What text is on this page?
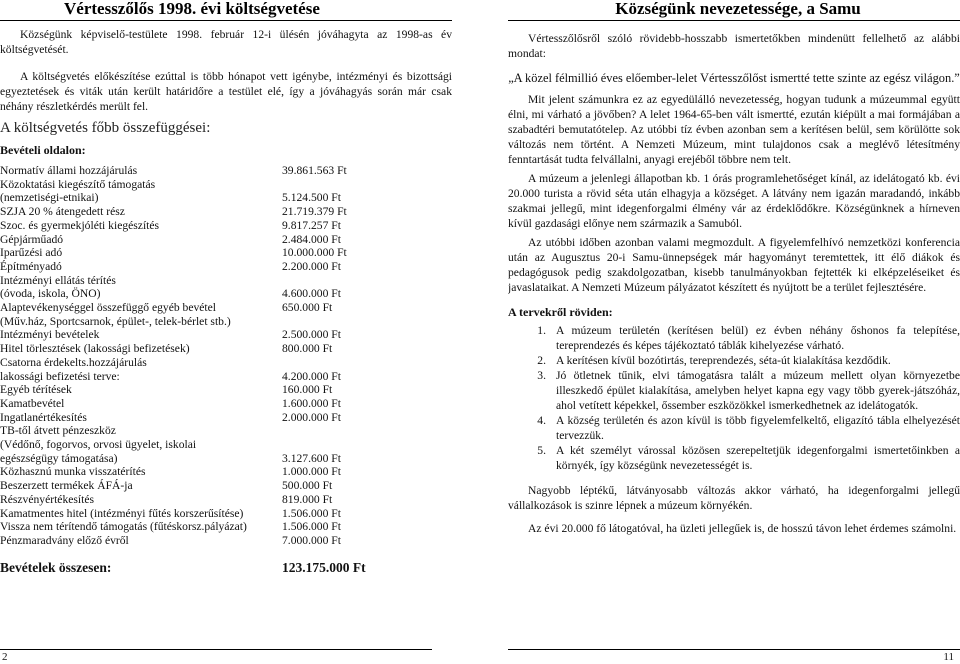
Vértesszőlős 1998. évi költségvetése

Községünk képviselő-testülete 1998. február 12-i ülésén jóváhagyta az 1998-as év költségvetését.

A költségvetés előkészítése ezúttal is több hónapot vett igénybe, intézményi és bizottsági egyeztetések és viták után került határidőre a testület elé, így a jóváhagyás során már csak néhány részletkérdés merült fel.

A költségvetés főbb összefüggései:
Bevételi oldalon:
Normatív állami hozzájárulás	39.861.563 Ft
Közoktatási kiegészítő támogatás
(nemzetiségi-etnikai)	5.124.500 Ft
SZJA 20 % átengedett rész	21.719.379 Ft
Szoc. és gyermekjóléti kiegészítés	9.817.257 Ft
Gépjárműadó	2.484.000 Ft
Iparűzési adó	10.000.000 Ft
Építményadó	2.200.000 Ft
Intézményi ellátás térítés
(óvoda, iskola, ÖNO)	4.600.000 Ft
Alaptevékenységgel összefüggő egyéb bevétel	650.000 Ft
(Műv.ház, Sportcsarnok, épület-, telek-bérlet stb.)
Intézményi bevételek	2.500.000 Ft
Hitel törlesztések (lakossági befizetések)	800.000 Ft
Csatorna érdekelts.hozzájárulás
lakossági befizetési terve:	4.200.000 Ft
Egyéb térítések	160.000 Ft
Kamatbevétel	1.600.000 Ft
Ingatlanértékesítés	2.000.000 Ft
TB-től átvett pénzeszköz
(Védőnő, fogorvos, orvosi ügyelet, iskolai
egészségügy támogatása)	3.127.600 Ft
Közhasznú munka visszatérítés	1.000.000 Ft
Beszerzett termékek ÁFÁ-ja	500.000 Ft
Részvényértékesítés	819.000 Ft
Kamatmentes hitel (intézményi fűtés korszerűsítése)	1.506.000 Ft
Vissza nem térítendő támogatás (fűtéskorsz.pályázat)	1.506.000 Ft
Pénzmaradvány előző évről	7.000.000 Ft
Bevételek összesen:	123.175.000 Ft
2
Községünk nevezetessége, a Samu

Vértesszőlősről szóló rövidebb-hosszabb ismertetőkben mindenütt fellelhető az alábbi mondat:

„A közel félmillió éves előember-lelet Vértesszőlőst ismertté tette szinte az egész világon.”

Mit jelent számunkra ez az egyedülálló nevezetesség, hogyan tudunk a múzeummal együtt élni, mi várható a jövőben? A lelet 1964-65-ben vált ismertté, ezután kiépült a mai formájában a szabadtéri bemutatótelep. Az utóbbi tíz évben azonban sem a kerítésen belül, sem körülötte sok változás nem történt. A Nemzeti Múzeum, mint tulajdonos csak a meglévő létesítmény fenntartását tudta felvállalni, anyagi erejéből többre nem telt.

A múzeum a jelenlegi állapotban kb. 1 órás programlehetőséget kínál, az idelátogató kb. évi 20.000 turista a rövid séta után elhagyja a községet. A látvány nem igazán maradandó, inkább szakmai jellegű, mint idegenforgalmi élmény vár az érdeklődőkre. Községünknek a hírneven kívül gazdasági előnye nem származik a Samuból.

Az utóbbi időben azonban valami megmozdult. A figyelemfelhívó nemzetközi konferencia után az Augusztus 20-i Samu-ünnepségek már hagyományt teremtettek, itt élő diákok és pedagógusok pedig szakdolgozatban, kisebb tanulmányokban fejtették ki elképzeléseiket és javaslataikat. A Nemzeti Múzeum pályázatot készített és nyújtott be a terület fejlesztésére.

A tervekről röviden:
1. A múzeum területén (kerítésen belül) ez évben néhány őshonos fa telepítése, tereprendezés és képes tájékoztató táblák kihelyezése várható.
2. A kerítésen kívül bozótirtás, tereprendezés, séta-út kialakítása kezdődik.
3. Jó ötletnek tűnik, elvi támogatásra talált a múzeum mellett olyan környezetbe illeszkedő épület kialakítása, amelyben helyet kapna egy vagy több gyerek-játszóház, ahol vetített képekkel, őssember eszközökkel ismerkedhetnek az idelátogatók.
4. A község területén és azon kívül is több figyelemfelkeltő, eligazító tábla elhelyezését tervezzük.
5. A két személyt várossal közösen szerepeltetjük idegenforgalmi ismertetőinkben a környék, így községünk nevezetességét is.

Nagyobb léptékű, látványosabb változás akkor várható, ha idegenforgalmi jellegű vállalkozások is szinre lépnek a múzeum környékén.

Az évi 20.000 fő látogatóval, ha üzleti jellegűek is, de hosszú távon lehet érdemes számolni.

11
